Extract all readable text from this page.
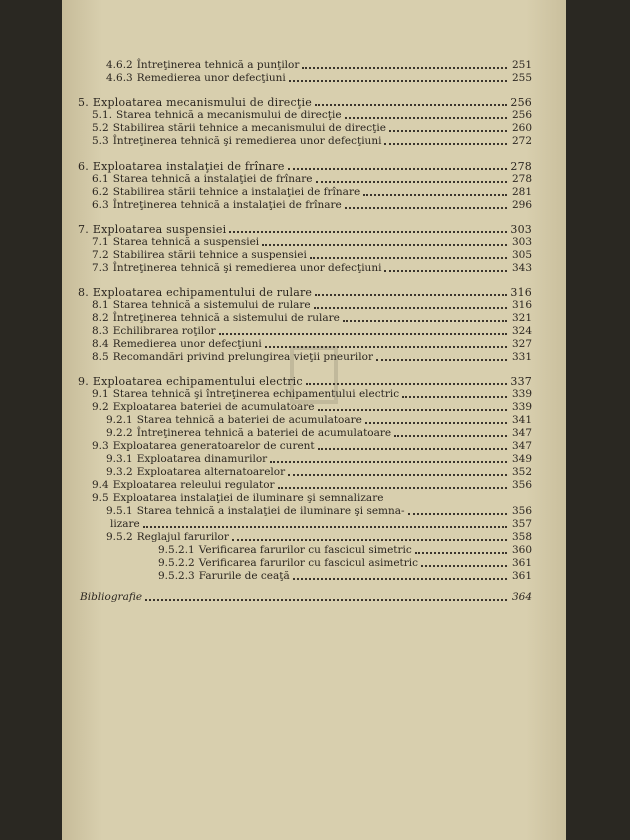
4.6.2 Întreţinerea tehnică a punţilor	251
4.6.3 Remedierea unor defecţiuni	255
5. Exploatarea mecanismului de direcţie	256
5.1. Starea tehnică a mecanismului de direcţie	256
5.2 Stabilirea stării tehnice a mecanismului de direcţie	260
5.3 Întreţinerea tehnică şi remedierea unor defecţiuni	272
6. Exploatarea instalaţiei de frînare	278
6.1 Starea tehnică a instalaţiei de frînare	278
6.2 Stabilirea stării tehnice a instalaţiei de frînare	281
6.3 Întreţinerea tehnică a instalaţiei de frînare	296
7. Exploatarea suspensiei	303
7.1 Starea tehnică a suspensiei	303
7.2 Stabilirea stării tehnice a suspensiei	305
7.3 Întreţinerea tehnică şi remedierea unor defecţiuni	343
8. Exploatarea echipamentului de rulare	316
8.1 Starea tehnică a sistemului de rulare	316
8.2 Întreţinerea tehnică a sistemului de rulare	321
8.3 Echilibrarea roţilor	324
8.4 Remedierea unor defecţiuni	327
8.5 Recomandări privind prelungirea vieţii pneurilor	331
9. Exploatarea echipamentului electric	337
9.1 Starea tehnică şi întreţinerea echipamentului electric	339
9.2 Exploatarea bateriei de acumulatoare	339
9.2.1 Starea tehnică a bateriei de acumulatoare	341
9.2.2 Întreţinerea tehnică a bateriei de acumulatoare	347
9.3 Exploatarea generatoarelor de curent	347
9.3.1 Exploatarea dinamurilor	349
9.3.2 Exploatarea alternatoarelor	352
9.4 Exploatarea releului regulator	356
9.5 Exploatarea instalaţiei de iluminare şi semnalizare
9.5.1 Starea tehnică a instalaţiei de iluminare şi semna-	356
lizare	357
9.5.2 Reglajul farurilor	358
9.5.2.1 Verificarea farurilor cu fascicul simetric	360
9.5.2.2 Verificarea farurilor cu fascicul asimetric	361
9.5.2.3 Farurile de ceaţă	361
Bibliografie	364
